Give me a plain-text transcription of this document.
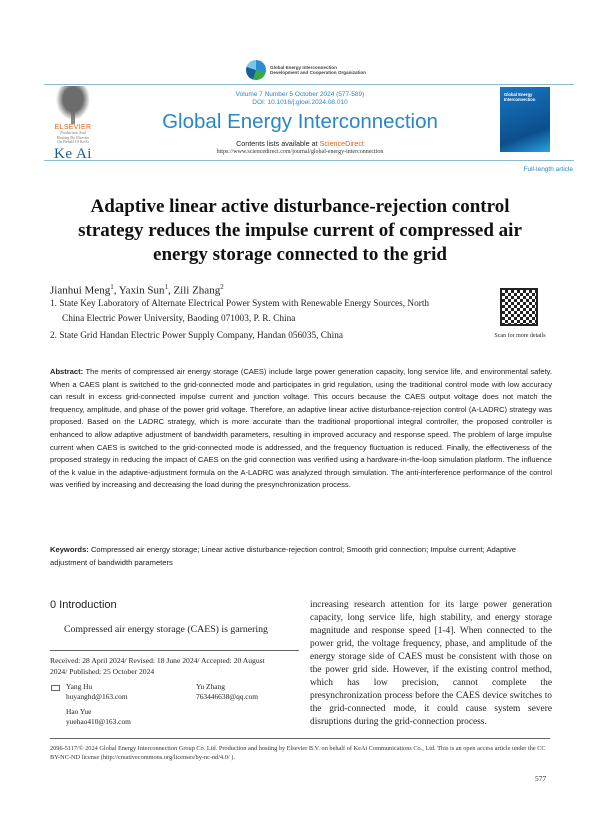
Global Energy Interconnection
Development and Cooperation Organization
ELSEVIER
Production And
Hosting By Elsevier
On Behalf Of KeAi
Ke Ai
Volume 7 Number 5 October 2024 (577-589)
DOI: 10.1016/j.gloei.2024.08.010
Global Energy Interconnection
Contents lists available at ScienceDirect
https://www.sciencedirect.com/journal/global-energy-interconnection
Global Energy Interconnection
Full-length article
Adaptive linear active disturbance-rejection control strategy reduces the impulse current of compressed air energy storage connected to the grid
Jianhui Meng$^1$, Yaxin Sun$^1$, Zili Zhang$^2$
1. State Key Laboratory of Alternate Electrical Power System with Renewable Energy Sources, North
China Electric Power University, Baoding 071003, P. R. China
2. State Grid Handan Electric Power Supply Company, Handan 056035, China	Scan for more details
Abstract: The merits of compressed air energy storage (CAES) include large power generation capacity, long service life, and environmental safety. When a CAES plant is switched to the grid-connected mode and participates in grid regulation, using the traditional control mode with low accuracy can result in excess grid-connected impulse current and junction voltage. This occurs because the CAES output voltage does not match the frequency, amplitude, and phase of the power grid voltage. Therefore, an adaptive linear active disturbance-rejection control (A-LADRC) strategy was proposed. Based on the LADRC strategy, which is more accurate than the traditional proportional integral controller, the proposed controller is enhanced to allow adaptive adjustment of bandwidth parameters, resulting in improved accuracy and response speed. The problem of large impulse current when CAES is switched to the grid-connected mode is addressed, and the frequency fluctuation is reduced. Finally, the effectiveness of the proposed strategy in reducing the impact of CAES on the grid connection was verified using a hardware-in-the-loop simulation platform. The influence of the k value in the adaptive-adjustment formula on the A-LADRC was analyzed through simulation. The anti-interference performance of the control was verified by increasing and decreasing the load during the presynchronization process.
Keywords: Compressed air energy storage; Linear active disturbance-rejection control; Smooth grid connection; Impulse current; Adaptive adjustment of bandwidth parameters
0 Introduction
Compressed air energy storage (CAES) is garnering
Received: 28 April 2024/ Revised: 18 June 2024/ Accepted: 20 August
2024/ Published: 25 October 2024
Yang Hu
huyanghd@163.com
Yu Zhang
763446638@qq.com
Hao Yue
yuehao410@163.com
increasing research attention for its large power generation capacity, long service life, high stability, and energy storage magnitude and response speed [1-4]. When connected to the power grid, the voltage frequency, phase, and amplitude of the energy storage side of CAES must be consistent with those on the power grid side. However, if the existing control method, which has low precision, cannot complete the presynchronization process before the CAES device switches to the grid-connected mode, it could cause system severe disruptions during the grid-connection process.
2096-5117/© 2024 Global Energy Interconnection Group Co. Ltd. Production and hosting by Elsevier B.V. on behalf of KeAi Communications Co., Ltd. This is an open access article under the CC BY-NC-ND license (http://creativecommons.org/licenses/by-nc-nd/4.0/ ).
577
